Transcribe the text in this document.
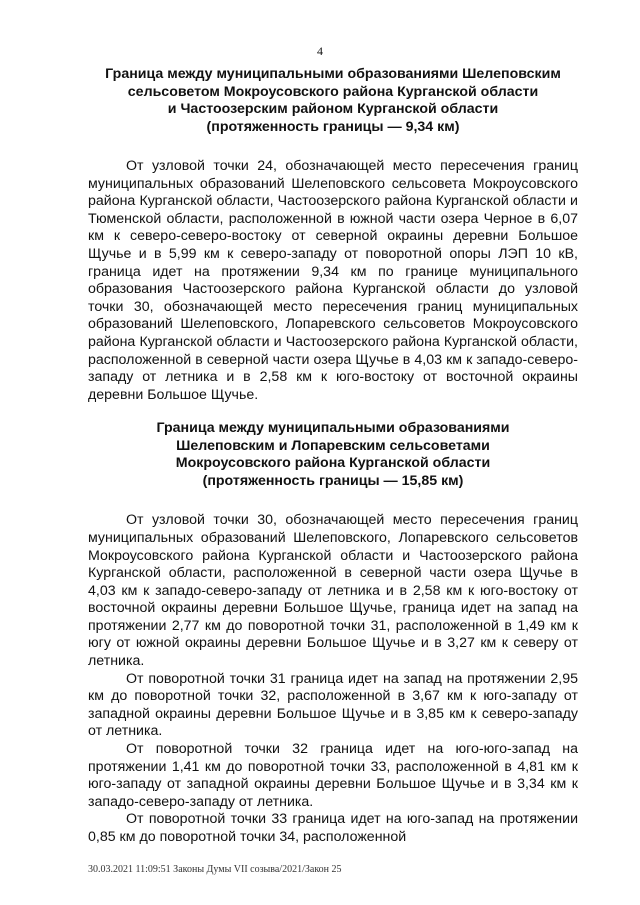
4
Граница между муниципальными образованиями Шелеповским
сельсоветом Мокроусовского района Курганской области
и Частоозерским районом Курганской области
(протяженность границы — 9,34 км)

От узловой точки 24, обозначающей место пересечения границ муниципальных образований Шелеповского сельсовета Мокроусовского района Курганской области, Частоозерского района Курганской области и Тюменской области, расположенной в южной части озера Черное в 6,07 км к северо-северо-востоку от северной окраины деревни Большое Щучье и в 5,99 км к северо-западу от поворотной опоры ЛЭП 10 кВ, граница идет на протяжении 9,34 км по границе муниципального образования Частоозерского района Курганской области до узловой точки 30, обозначающей место пересечения границ муниципальных образований Шелеповского, Лопаревского сельсоветов Мокроусовского района Курганской области и Частоозерского района Курганской области, расположенной в северной части озера Щучье в 4,03 км к западо-северо-западу от летника и в 2,58 км к юго-востоку от восточной окраины деревни Большое Щучье.

Граница между муниципальными образованиями
Шелеповским и Лопаревским сельсоветами
Мокроусовского района Курганской области
(протяженность границы — 15,85 км)

От узловой точки 30, обозначающей место пересечения границ муниципальных образований Шелеповского, Лопаревского сельсоветов Мокроусовского района Курганской области и Частоозерского района Курганской области, расположенной в северной части озера Щучье в 4,03 км к западо-северо-западу от летника и в 2,58 км к юго-востоку от восточной окраины деревни Большое Щучье, граница идет на запад на протяжении 2,77 км до поворотной точки 31, расположенной в 1,49 км к югу от южной окраины деревни Большое Щучье и в 3,27 км к северу от летника.

От поворотной точки 31 граница идет на запад на протяжении 2,95 км до поворотной точки 32, расположенной в 3,67 км к юго-западу от западной окраины деревни Большое Щучье и в 3,85 км к северо-западу от летника.

От поворотной точки 32 граница идет на юго-юго-запад на протяжении 1,41 км до поворотной точки 33, расположенной в 4,81 км к юго-западу от западной окраины деревни Большое Щучье и в 3,34 км к западо-северо-западу от летника.

От поворотной точки 33 граница идет на юго-запад на протяжении 0,85 км до поворотной точки 34, расположенной

30.03.2021 11:09:51 Законы Думы VII созыва/2021/Закон 25
